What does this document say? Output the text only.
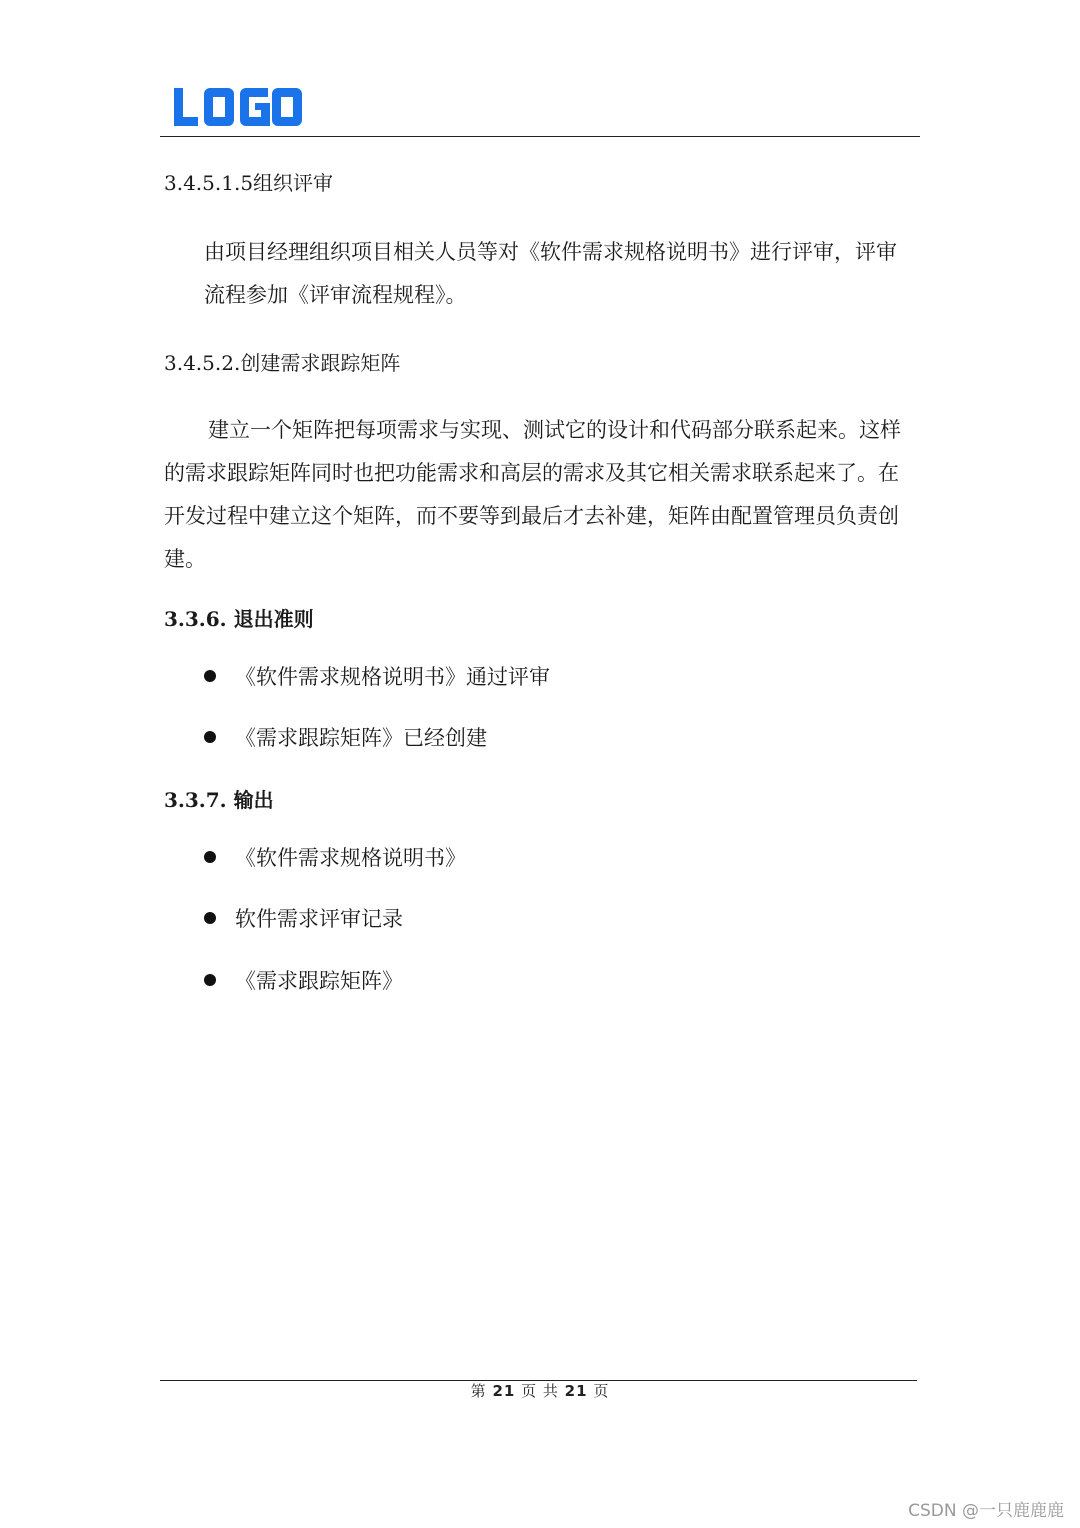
3.4.5.1.5组织评审
由项目经理组织项目相关人员等对《软件需求规格说明书》进行评审，评审流程参加《评审流程规程》。
3.4.5.2.创建需求跟踪矩阵
建立一个矩阵把每项需求与实现、测试它的设计和代码部分联系起来。这样的需求跟踪矩阵同时也把功能需求和高层的需求及其它相关需求联系起来了。在开发过程中建立这个矩阵，而不要等到最后才去补建，矩阵由配置管理员负责创建。
3.3.6. 退出准则
《软件需求规格说明书》通过评审
《需求跟踪矩阵》已经创建
3.3.7. 输出
《软件需求规格说明书》
软件需求评审记录
《需求跟踪矩阵》
第 21 页 共 21 页
CSDN @一只鹿鹿鹿
